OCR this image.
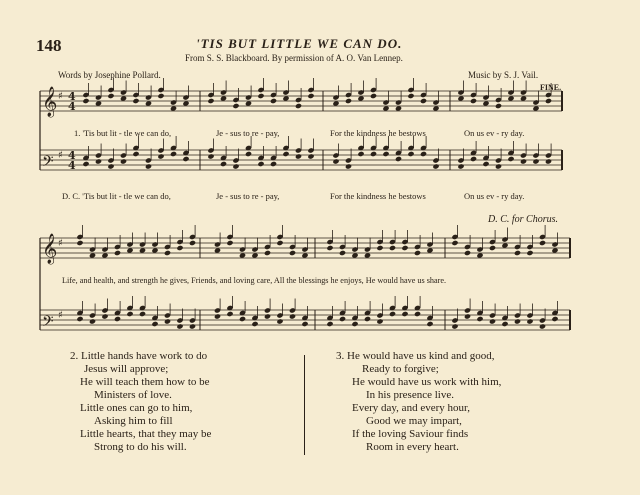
148	'TIS BUT LITTLE WE CAN DO.
From S. S. Blackboard. By permission of A. O. Van Lennep.
Words by Josephine Pollard.	Music by S. J. Vail.
𝄞 ♯
𝄢 ♯
4
4
4
4
𝄞 ♯
𝄢 ♯
FINE.
D. C. for Chorus.
1. 'Tis but lit - tle we can do,	Je - sus to re - pay,	For the kindness he bestows	On us ev - ry day.
D. C. 'Tis but lit - tle we can do,	Je - sus to re - pay,	For the kindness he bestows	On us ev - ry day.
Life, and health, and strength he gives, Friends, and loving care, All the blessings he enjoys, He would have us share.
2. Little hands have work to do
Jesus will approve;
He will teach them how to be
Ministers of love.
Little ones can go to him,
Asking him to fill
Little hearts, that they may be
Strong to do his will.
3. He would have us kind and good,
Ready to forgive;
He would have us work with him,
In his presence live.
Every day, and every hour,
Good we may impart,
If the loving Saviour finds
Room in every heart.
